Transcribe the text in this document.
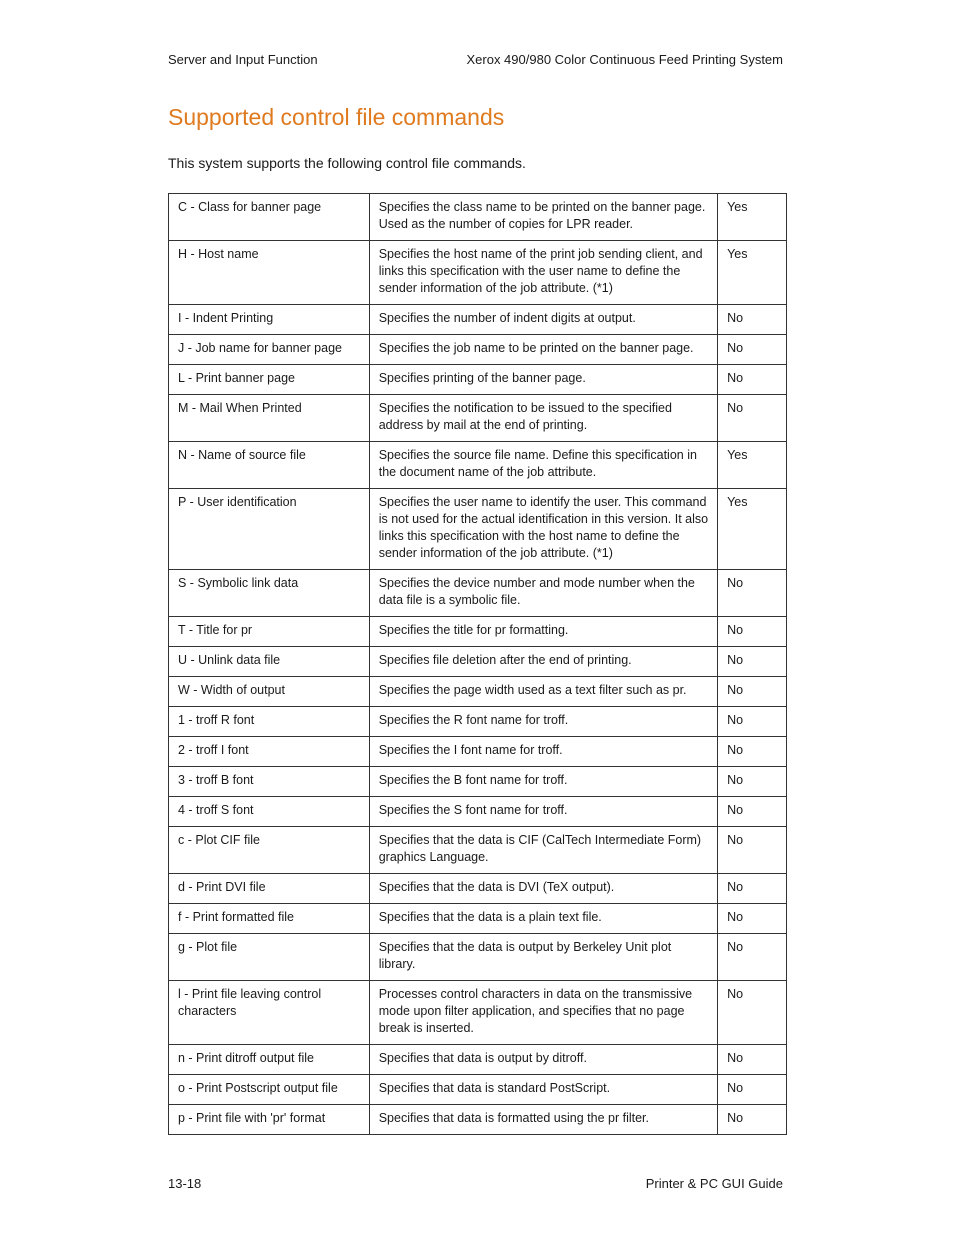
Server and Input Function	Xerox 490/980 Color Continuous Feed Printing System
Supported control file commands

This system supports the following control file commands.

C - Class for banner page	Specifies the class name to be printed on the banner page. Used as the number of copies for LPR reader.	Yes
H - Host name	Specifies the host name of the print job sending client, and links this specification with the user name to define the sender information of the job attribute. (*1)	Yes
I - Indent Printing	Specifies the number of indent digits at output.	No
J - Job name for banner page	Specifies the job name to be printed on the banner page.	No
L - Print banner page	Specifies printing of the banner page.	No
M - Mail When Printed	Specifies the notification to be issued to the specified address by mail at the end of printing.	No
N - Name of source file	Specifies the source file name. Define this specification in the document name of the job attribute.	Yes
P - User identification	Specifies the user name to identify the user. This command is not used for the actual identification in this version. It also links this specification with the host name to define the sender information of the job attribute. (*1)	Yes
S - Symbolic link data	Specifies the device number and mode number when the data file is a symbolic file.	No
T - Title for pr	Specifies the title for pr formatting.	No
U - Unlink data file	Specifies file deletion after the end of printing.	No
W - Width of output	Specifies the page width used as a text filter such as pr.	No
1 - troff R font	Specifies the R font name for troff.	No
2 - troff I font	Specifies the I font name for troff.	No
3 - troff B font	Specifies the B font name for troff.	No
4 - troff S font	Specifies the S font name for troff.	No
c - Plot CIF file	Specifies that the data is CIF (CalTech Intermediate Form) graphics Language.	No
d - Print DVI file	Specifies that the data is DVI (TeX output).	No
f - Print formatted file	Specifies that the data is a plain text file.	No
g - Plot file	Specifies that the data is output by Berkeley Unit plot library.	No
l - Print file leaving control characters	Processes control characters in data on the transmissive mode upon filter application, and specifies that no page break is inserted.	No
n - Print ditroff output file	Specifies that data is output by ditroff.	No
o - Print Postscript output file	Specifies that data is standard PostScript.	No
p - Print file with 'pr' format	Specifies that data is formatted using the pr filter.	No
13-18	Printer & PC GUI Guide
